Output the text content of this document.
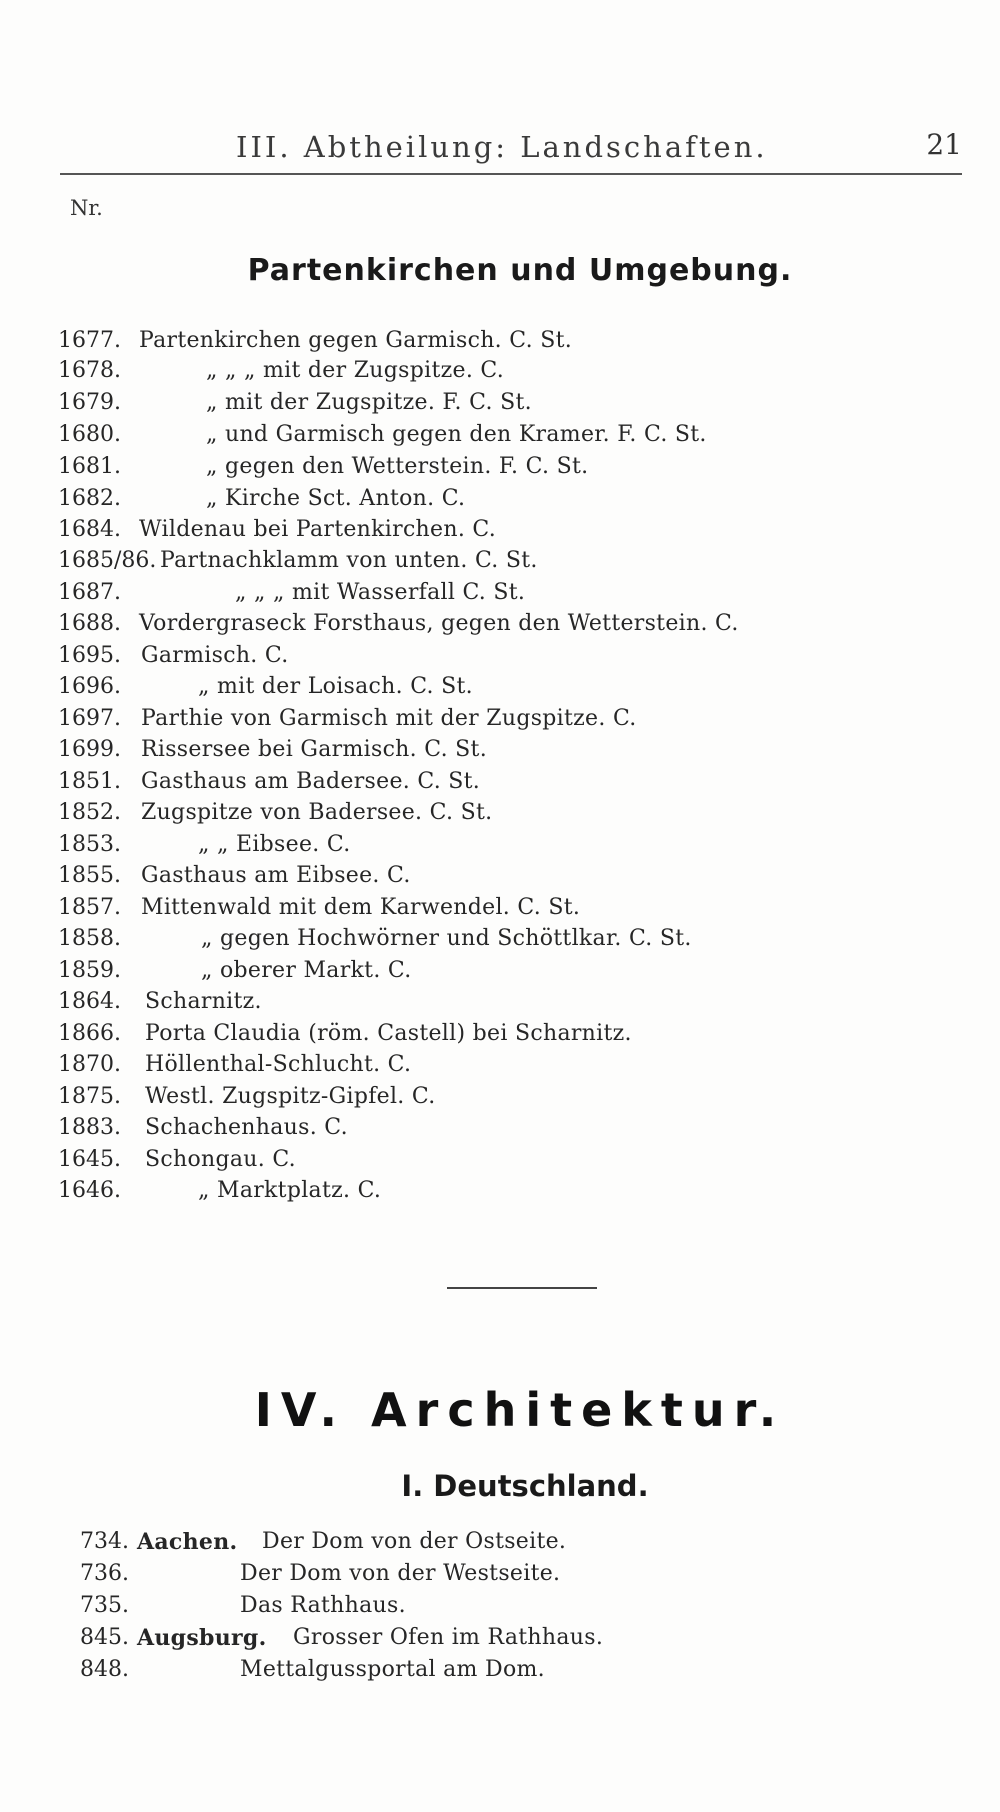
III. Abtheilung: Landschaften.	21
Nr.
Partenkirchen und Umgebung.
1677. Partenkirchen gegen Garmisch. C. St.
1678.	„ „ „ mit der Zugspitze. C.
1679.	„ mit der Zugspitze. F. C. St.
1680.	„ und Garmisch gegen den Kramer. F. C. St.
1681.	„ gegen den Wetterstein. F. C. St.
1682.	„ Kirche Sct. Anton. C.
1684. Wildenau bei Partenkirchen. C.
1685/86. Partnachklamm von unten. C. St.
1687.	„ „ „ mit Wasserfall C. St.
1688. Vordergraseck Forsthaus, gegen den Wetterstein. C.
1695. Garmisch. C.
1696.	„ mit der Loisach. C. St.
1697. Parthie von Garmisch mit der Zugspitze. C.
1699. Rissersee bei Garmisch. C. St.
1851. Gasthaus am Badersee. C. St.
1852. Zugspitze von Badersee. C. St.
1853.	„ „ Eibsee. C.
1855. Gasthaus am Eibsee. C.
1857. Mittenwald mit dem Karwendel. C. St.
1858.	„ gegen Hochwörner und Schöttlkar. C. St.
1859.	„ oberer Markt. C.
1864. Scharnitz.
1866. Porta Claudia (röm. Castell) bei Scharnitz.
1870. Höllenthal-Schlucht. C.
1875. Westl. Zugspitz-Gipfel. C.
1883. Schachenhaus. C.
1645. Schongau. C.
1646.	„ Marktplatz. C.
IV. Architektur.
I. Deutschland.
734. Aachen. Der Dom von der Ostseite.
736.	Der Dom von der Westseite.
735.	Das Rathhaus.
845. Augsburg. Grosser Ofen im Rathhaus.
848.	Mettalgussportal am Dom.
